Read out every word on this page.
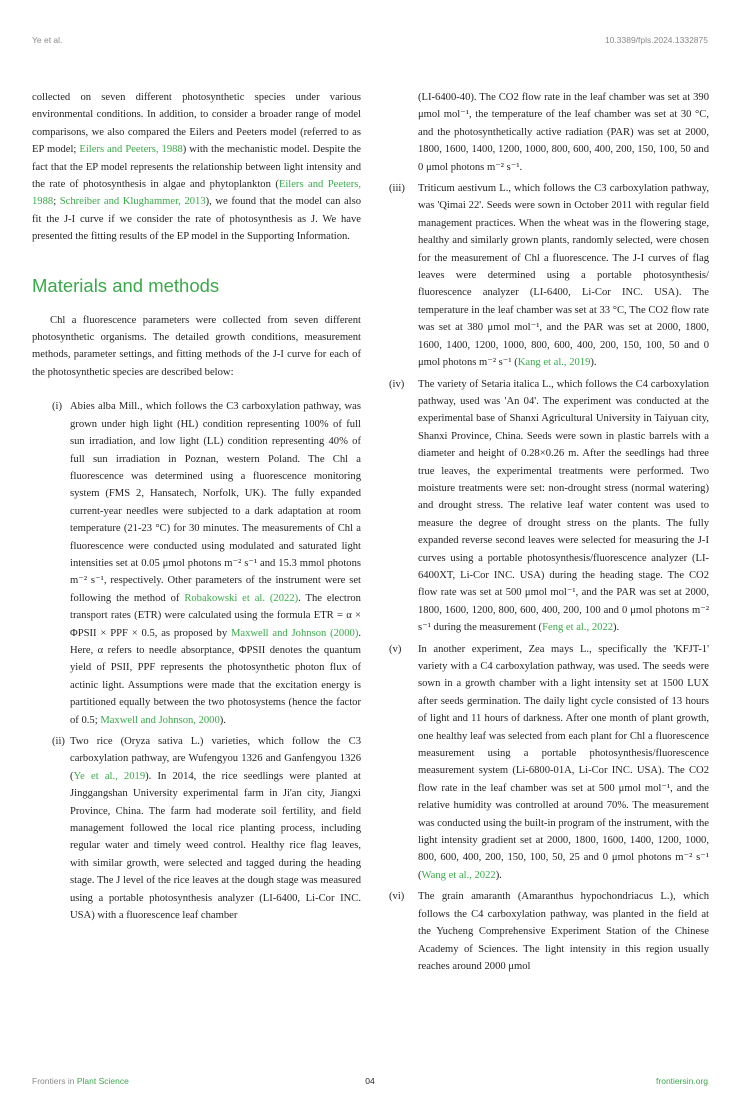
Ye et al.	10.3389/fpls.2024.1332875

collected on seven different photosynthetic species under various environmental conditions. In addition, to consider a broader range of model comparisons, we also compared the Eilers and Peeters model (referred to as EP model; Eilers and Peeters, 1988) with the mechanistic model. Despite the fact that the EP model represents the relationship between light intensity and the rate of photosynthesis in algae and phytoplankton (Eilers and Peeters, 1988; Schreiber and Klughammer, 2013), we found that the model can also fit the J-I curve if we consider the rate of photosynthesis as J. We have presented the fitting results of the EP model in the Supporting Information.

Materials and methods

Chl a fluorescence parameters were collected from seven different photosynthetic organisms. The detailed growth conditions, measurement methods, parameter settings, and fitting methods of the J-I curve for each of the photosynthetic species are described below:

(i) Abies alba Mill., which follows the C3 carboxylation pathway, was grown under high light (HL) condition representing 100% of full sun irradiation, and low light (LL) condition representing 40% of full sun irradiation in Poznan, western Poland. The Chl a fluorescence was determined using a fluorescence monitoring system (FMS 2, Hansatech, Norfolk, UK). The fully expanded current-year needles were subjected to a dark adaptation at room temperature (21-23 °C) for 30 minutes. The measurements of Chl a fluorescence were conducted using modulated and saturated light intensities set at 0.05 μmol photons m⁻² s⁻¹ and 15.3 mmol photons m⁻² s⁻¹, respectively. Other parameters of the instrument were set following the method of Robakowski et al. (2022). The electron transport rates (ETR) were calculated using the formula ETR = α × ΦPSII × PPF × 0.5, as proposed by Maxwell and Johnson (2000). Here, α refers to needle absorptance, ΦPSII denotes the quantum yield of PSII, PPF represents the photosynthetic photon flux of actinic light. Assumptions were made that the excitation energy is partitioned equally between the two photosystems (hence the factor of 0.5; Maxwell and Johnson, 2000).
(ii) Two rice (Oryza sativa L.) varieties, which follow the C3 carboxylation pathway, are Wufengyou 1326 and Ganfengyou 1326 (Ye et al., 2019). In 2014, the rice seedlings were planted at Jinggangshan University experimental farm in Ji'an city, Jiangxi Province, China. The farm had moderate soil fertility, and field management followed the local rice planting process, including regular water and timely weed control. Healthy rice flag leaves, with similar growth, were selected and tagged during the heading stage. The J level of the rice leaves at the dough stage was measured using a portable photosynthesis analyzer (LI-6400, Li-Cor INC. USA) with a fluorescence leaf chamber

(LI-6400-40). The CO2 flow rate in the leaf chamber was set at 390 μmol mol⁻¹, the temperature of the leaf chamber was set at 30 °C, and the photosynthetically active radiation (PAR) was set at 2000, 1800, 1600, 1400, 1200, 1000, 800, 600, 400, 200, 150, 100, 50 and 0 μmol photons m⁻² s⁻¹.

(iii) Triticum aestivum L., which follows the C3 carboxylation pathway, was 'Qimai 22'. Seeds were sown in October 2011 with regular field management practices. When the wheat was in the flowering stage, healthy and similarly grown plants, randomly selected, were chosen for the measurement of Chl a fluorescence. The J-I curves of flag leaves were determined using a portable photosynthesis/ fluorescence analyzer (LI-6400, Li-Cor INC. USA). The temperature in the leaf chamber was set at 33 °C, The CO2 flow rate was set at 380 μmol mol⁻¹, and the PAR was set at 2000, 1800, 1600, 1400, 1200, 1000, 800, 600, 400, 200, 150, 100, 50 and 0 μmol photons m⁻² s⁻¹ (Kang et al., 2019).
(iv) The variety of Setaria italica L., which follows the C4 carboxylation pathway, used was 'An 04'. The experiment was conducted at the experimental base of Shanxi Agricultural University in Taiyuan city, Shanxi Province, China. Seeds were sown in plastic barrels with a diameter and height of 0.28×0.26 m. After the seedlings had three true leaves, the experimental treatments were performed. Two moisture treatments were set: non-drought stress (normal watering) and drought stress. The relative leaf water content was used to measure the degree of drought stress on the plants. The fully expanded reverse second leaves were selected for measuring the J-I curves using a portable photosynthesis/fluorescence analyzer (LI-6400XT, Li-Cor INC. USA) during the heading stage. The CO2 flow rate was set at 500 μmol mol⁻¹, and the PAR was set at 2000, 1800, 1600, 1200, 800, 600, 400, 200, 100 and 0 μmol photons m⁻² s⁻¹ during the measurement (Feng et al., 2022).
(v) In another experiment, Zea mays L., specifically the 'KFJT-1' variety with a C4 carboxylation pathway, was used. The seeds were sown in a growth chamber with a light intensity set at 1500 LUX after seeds germination. The daily light cycle consisted of 13 hours of light and 11 hours of darkness. After one month of plant growth, one healthy leaf was selected from each plant for Chl a fluorescence measurement using a portable photosynthesis/fluorescence measurement system (Li-6800-01A, Li-Cor INC. USA). The CO2 flow rate in the leaf chamber was set at 500 μmol mol⁻¹, and the relative humidity was controlled at around 70%. The measurement was conducted using the built-in program of the instrument, with the light intensity gradient set at 2000, 1800, 1600, 1400, 1200, 1000, 800, 600, 400, 200, 150, 100, 50, 25 and 0 μmol photons m⁻² s⁻¹ (Wang et al., 2022).
(vi) The grain amaranth (Amaranthus hypochondriacus L.), which follows the C4 carboxylation pathway, was planted in the field at the Yucheng Comprehensive Experiment Station of the Chinese Academy of Sciences. The light intensity in this region usually reaches around 2000 μmol
Frontiers in Plant Science	04	frontiersin.org
